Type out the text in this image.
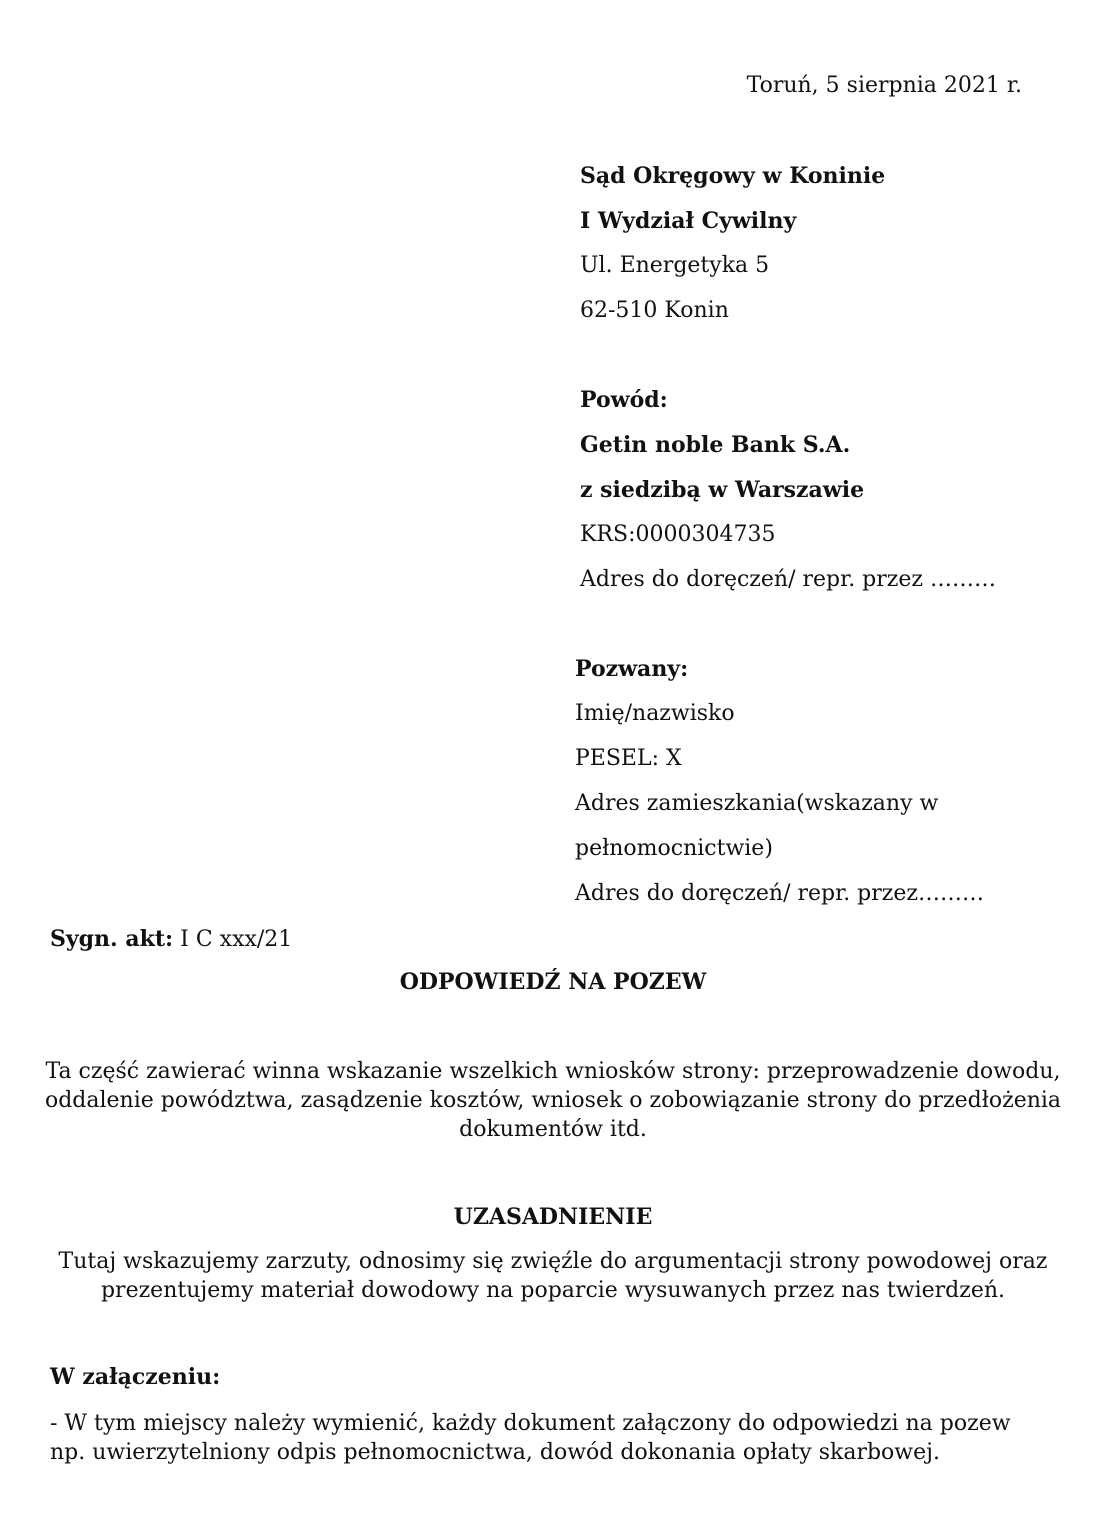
Toruń, 5 sierpnia 2021 r.
Sąd Okręgowy w Koninie
I Wydział Cywilny
Ul. Energetyka 5
62-510 Konin
Powód:
Getin noble Bank S.A.
z siedzibą w Warszawie
KRS:0000304735
Adres do doręczeń/ repr. przez ………
Pozwany:
Imię/nazwisko
PESEL: X
Adres zamieszkania(wskazany w
pełnomocnictwie)
Adres do doręczeń/ repr. przez………
Sygn. akt: I C xxx/21
ODPOWIEDŹ NA POZEW
Ta część zawierać winna wskazanie wszelkich wniosków strony: przeprowadzenie dowodu, oddalenie powództwa, zasądzenie kosztów, wniosek o zobowiązanie strony do przedłożenia dokumentów itd.
UZASADNIENIE
Tutaj wskazujemy zarzuty, odnosimy się zwięźle do argumentacji strony powodowej oraz prezentujemy materiał dowodowy na poparcie wysuwanych przez nas twierdzeń.
W załączeniu:
- W tym miejscy należy wymienić, każdy dokument załączony do odpowiedzi na pozew np. uwierzytelniony odpis pełnomocnictwa, dowód dokonania opłaty skarbowej.
